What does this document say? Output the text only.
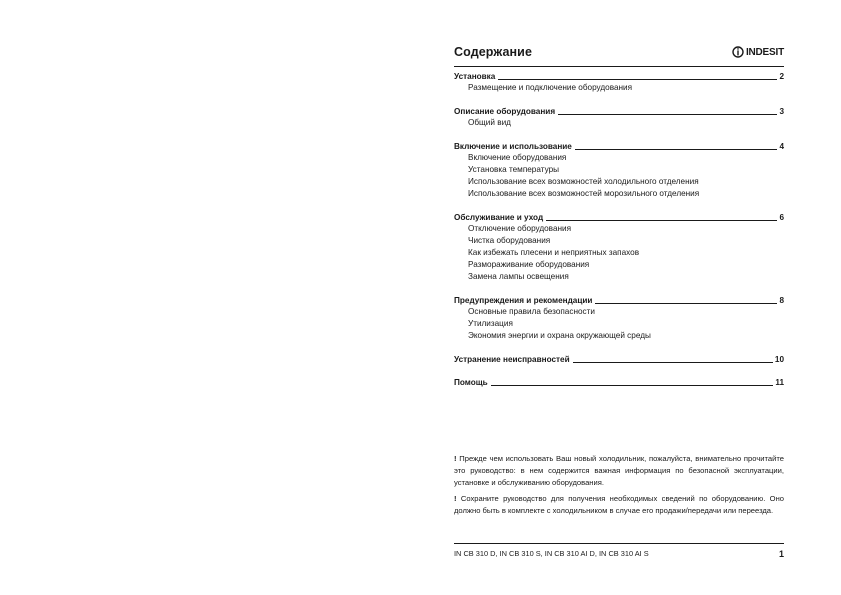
Содержание	INDESIT
Установка	2
Размещение и подключение оборудования
Описание оборудования	3
Общий вид
Включение и использование	4
Включение оборудования
Установка температуры
Использование всех возможностей холодильного отделения
Использование всех возможностей морозильного отделения
Обслуживание и уход	6
Отключение оборудования
Чистка оборудования
Как избежать плесени и неприятных запахов
Размораживание оборудования
Замена лампы освещения
Предупреждения и рекомендации	8
Основные правила безопасности
Утилизация
Экономия энергии и охрана окружающей среды
Устранение неисправностей	10
Помощь	11

! Прежде чем использовать Ваш новый холодильник, пожалуйста, внимательно прочитайте это руководство: в нем содержится важная информация по безопасной эксплуатации, установке и обслуживанию оборудования.

! Сохраните руководство для получения необходимых сведений по оборудованию. Оно должно быть в комплекте с холодильником в случае его продажи/передачи или переезда.

IN CB 310 D, IN CB 310 S, IN CB 310 AI D, IN CB 310 AI S	1
